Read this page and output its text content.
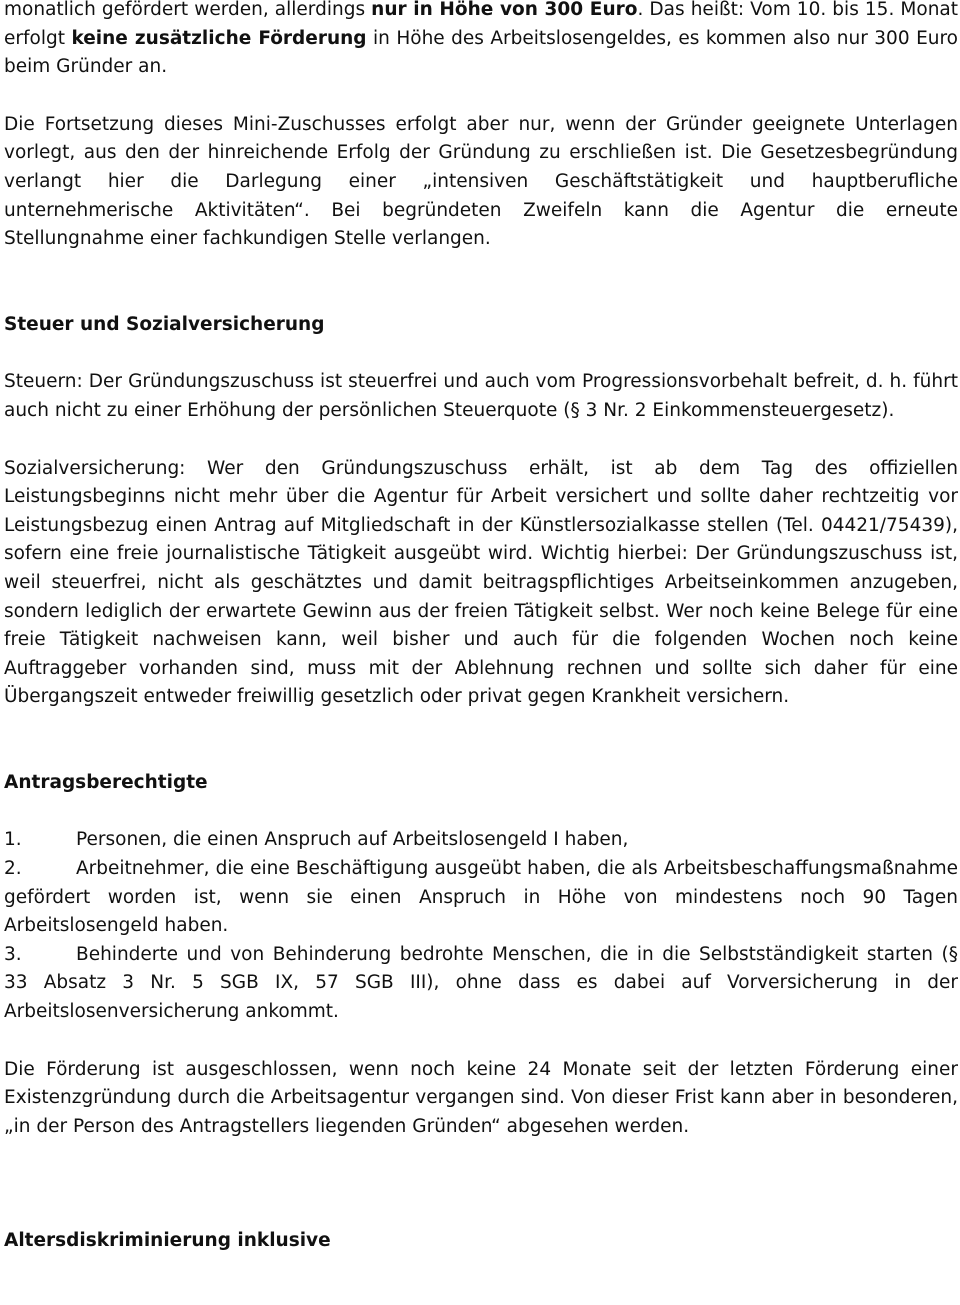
monatlich gefördert werden, allerdings nur in Höhe von 300 Euro. Das heißt: Vom 10. bis 15. Monat erfolgt keine zusätzliche Förderung in Höhe des Arbeitslosengeldes, es kommen also nur 300 Euro beim Gründer an.

Die Fortsetzung dieses Mini-Zuschusses erfolgt aber nur, wenn der Gründer geeignete Unterlagen vorlegt, aus den der hinreichende Erfolg der Gründung zu erschließen ist. Die Gesetzesbegründung verlangt hier die Darlegung einer „intensiven Geschäftstätigkeit und hauptberufliche unternehmerische Aktivitäten“. Bei begründeten Zweifeln kann die Agentur die erneute Stellungnahme einer fachkundigen Stelle verlangen.

Steuer und Sozialversicherung

Steuern: Der Gründungszuschuss ist steuerfrei und auch vom Progressionsvorbehalt befreit, d. h. führt auch nicht zu einer Erhöhung der persönlichen Steuerquote (§ 3 Nr. 2 Einkommensteuergesetz).

Sozialversicherung: Wer den Gründungszuschuss erhält, ist ab dem Tag des offiziellen Leistungsbeginns nicht mehr über die Agentur für Arbeit versichert und sollte daher rechtzeitig vor Leistungsbezug einen Antrag auf Mitgliedschaft in der Künstlersozialkasse stellen (Tel. 04421/75439), sofern eine freie journalistische Tätigkeit ausgeübt wird. Wichtig hierbei: Der Gründungszuschuss ist, weil steuerfrei, nicht als geschätztes und damit beitragspflichtiges Arbeitseinkommen anzugeben, sondern lediglich der erwartete Gewinn aus der freien Tätigkeit selbst. Wer noch keine Belege für eine freie Tätigkeit nachweisen kann, weil bisher und auch für die folgenden Wochen noch keine Auftraggeber vorhanden sind, muss mit der Ablehnung rechnen und sollte sich daher für eine Übergangszeit entweder freiwillig gesetzlich oder privat gegen Krankheit versichern.

Antragsberechtigte
1.	Personen, die einen Anspruch auf Arbeitslosengeld I haben,
2.	Arbeitnehmer, die eine Beschäftigung ausgeübt haben, die als Arbeitsbeschaffungsmaßnahme gefördert worden ist, wenn sie einen Anspruch in Höhe von mindestens noch 90 Tagen Arbeitslosengeld haben.
3.	Behinderte und von Behinderung bedrohte Menschen, die in die Selbstständigkeit starten (§ 33 Absatz 3 Nr. 5 SGB IX, 57 SGB III), ohne dass es dabei auf Vorversicherung in der Arbeitslosenversicherung ankommt.

Die Förderung ist ausgeschlossen, wenn noch keine 24 Monate seit der letzten Förderung einer Existenzgründung durch die Arbeitsagentur vergangen sind. Von dieser Frist kann aber in besonderen, „in der Person des Antragstellers liegenden Gründen“ abgesehen werden.

Altersdiskriminierung inklusive
